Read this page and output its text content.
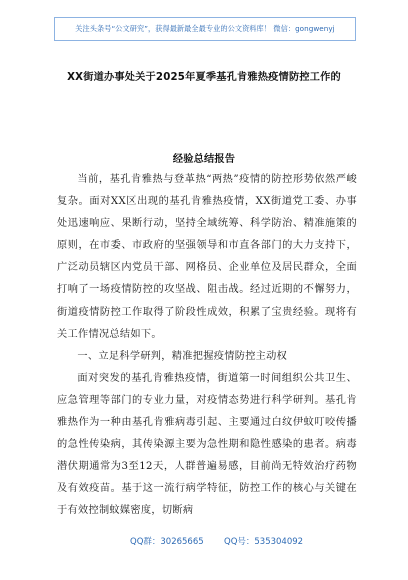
关注头条号“公文研究”，获得最新最全最专业的公文资料库！ 微信：gongwenyj
XX街道办事处关于2025年夏季基孔肯雅热疫情防控工作的
经验总结报告

当前，基孔肯雅热与登革热“两热”疫情的防控形势依然严峻复杂。面对XX区出现的基孔肯雅热疫情，XX街道党工委、办事处迅速响应、果断行动，坚持全域统筹、科学防治、精准施策的原则，在市委、市政府的坚强领导和市直各部门的大力支持下，广泛动员辖区内党员干部、网格员、企业单位及居民群众，全面打响了一场疫情防控的攻坚战、阻击战。经过近期的不懈努力，街道疫情防控工作取得了阶段性成效，积累了宝贵经验。现将有关工作情况总结如下。

一、立足科学研判，精准把握疫情防控主动权

面对突发的基孔肯雅热疫情，街道第一时间组织公共卫生、应急管理等部门的专业力量，对疫情态势进行科学研判。基孔肯雅热作为一种由基孔肯雅病毒引起、主要通过白纹伊蚊叮咬传播的急性传染病，其传染源主要为急性期和隐性感染的患者。病毒潜伏期通常为3至12天，人群普遍易感，目前尚无特效治疗药物及有效疫苗。基于这一流行病学特征，防控工作的核心与关键在于有效控制蚊媒密度，切断病

QQ群：30265665 QQ号：535304092
